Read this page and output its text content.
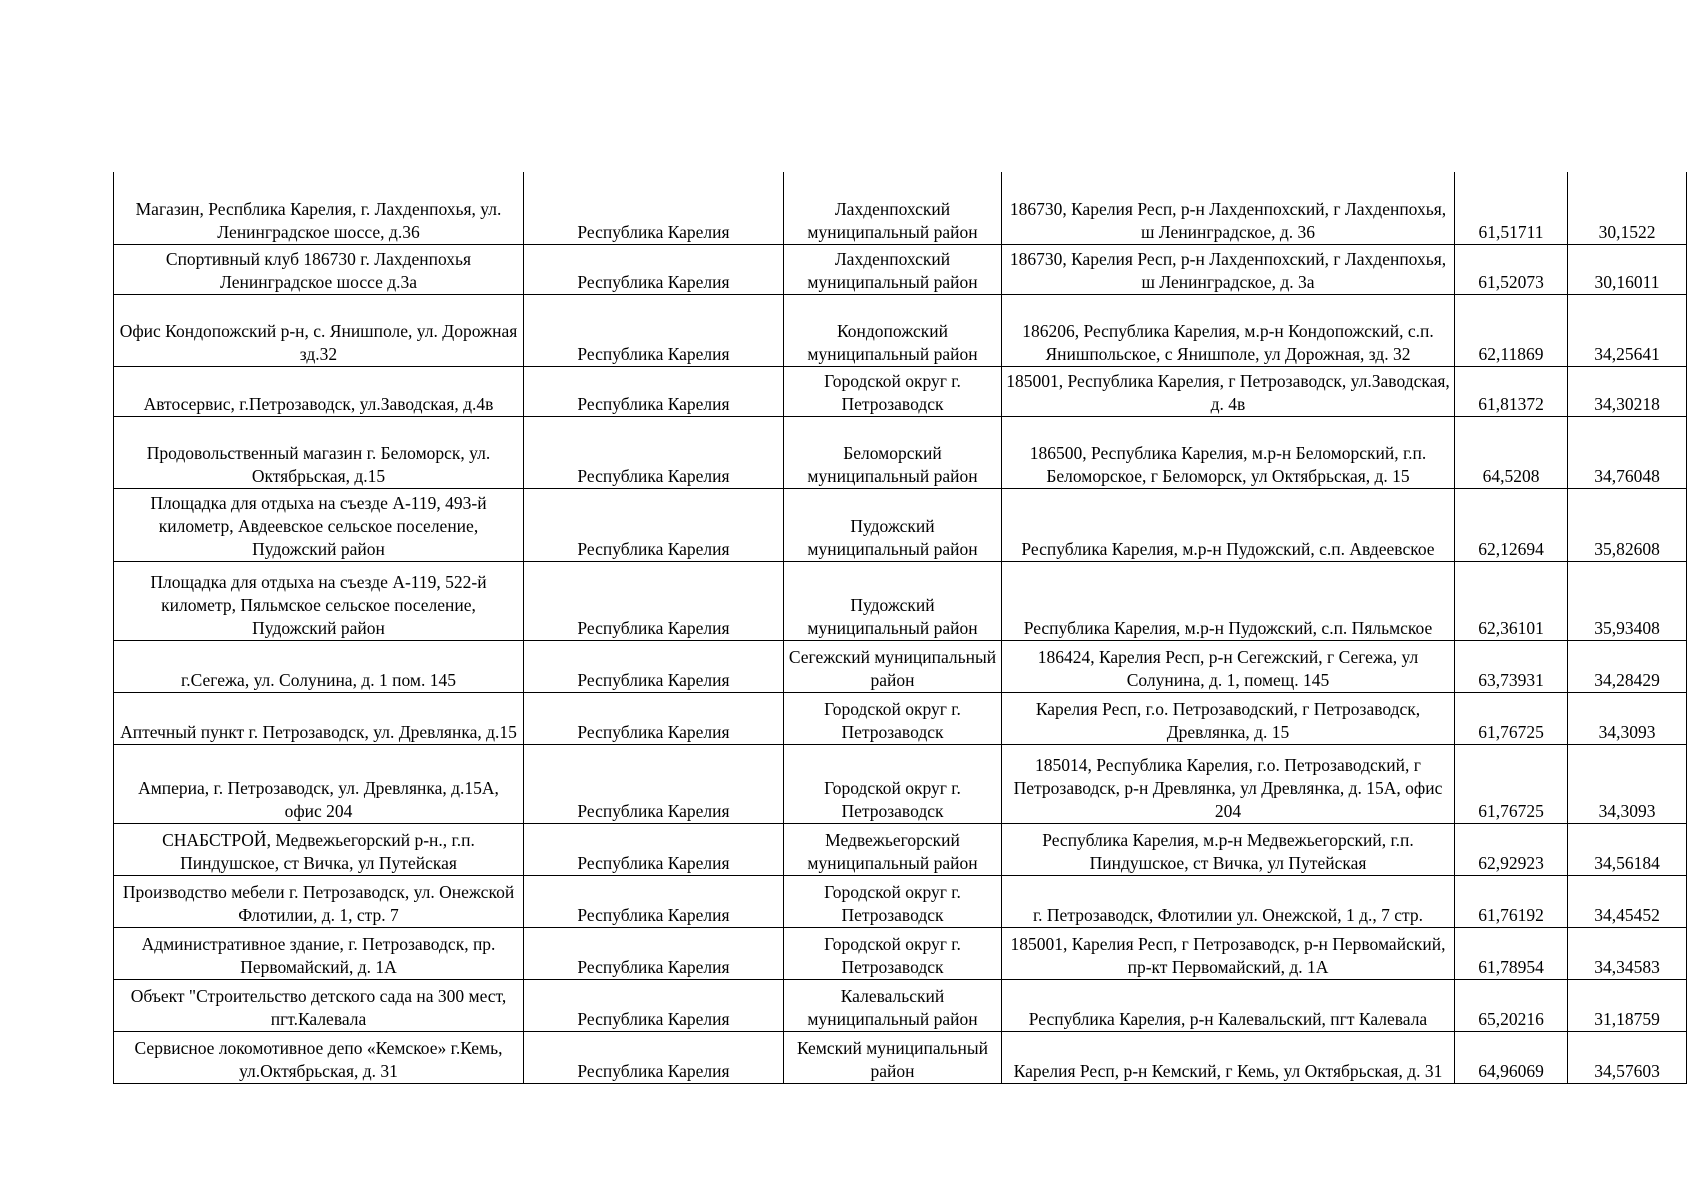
Магазин, Респблика Карелия, г. Лахденпохья, ул. Ленинградское шоссе, д.36	Республика Карелия	Лахденпохский муниципальный район	186730, Карелия Респ, р-н Лахденпохский, г Лахденпохья, ш Ленинградское, д. 36	61,51711	30,1522
Спортивный клуб 186730 г. Лахденпохья Ленинградское шоссе д.3а	Республика Карелия	Лахденпохский муниципальный район	186730, Карелия Респ, р-н Лахденпохский, г Лахденпохья, ш Ленинградское, д. 3а	61,52073	30,16011
Офис Кондопожский р-н, с. Янишполе, ул. Дорожная зд.32	Республика Карелия	Кондопожский муниципальный район	186206, Республика Карелия, м.р-н Кондопожский, с.п. Янишпольское, с Янишполе, ул Дорожная, зд. 32	62,11869	34,25641
Автосервис, г.Петрозаводск, ул.Заводская, д.4в	Республика Карелия	Городской округ г. Петрозаводск	185001, Республика Карелия, г Петрозаводск, ул.Заводская, д. 4в	61,81372	34,30218
Продовольственный магазин г. Беломорск, ул. Октябрьская, д.15	Республика Карелия	Беломорский муниципальный район	186500, Республика Карелия, м.р-н Беломорский, г.п. Беломорское, г Беломорск, ул Октябрьская, д. 15	64,5208	34,76048
Площадка для отдыха на съезде А-119, 493-й километр, Авдеевское сельское поселение, Пудожский район	Республика Карелия	Пудожский муниципальный район	Республика Карелия, м.р-н Пудожский, с.п. Авдеевское	62,12694	35,82608
Площадка для отдыха на съезде А-119, 522-й километр, Пяльмское сельское поселение, Пудожский район	Республика Карелия	Пудожский муниципальный район	Республика Карелия, м.р-н Пудожский, с.п. Пяльмское	62,36101	35,93408
г.Сегежа, ул. Солунина, д. 1 пом. 145	Республика Карелия	Сегежский муниципальный район	186424, Карелия Респ, р-н Сегежский, г Сегежа, ул Солунина, д. 1, помещ. 145	63,73931	34,28429
Аптечный пункт г. Петрозаводск, ул. Древлянка, д.15	Республика Карелия	Городской округ г. Петрозаводск	Карелия Респ, г.о. Петрозаводский, г Петрозаводск, Древлянка, д. 15	61,76725	34,3093
Ампериа, г. Петрозаводск, ул. Древлянка, д.15А, офис 204	Республика Карелия	Городской округ г. Петрозаводск	185014, Республика Карелия, г.о. Петрозаводский, г Петрозаводск, р-н Древлянка, ул Древлянка, д. 15А, офис 204	61,76725	34,3093
СНАБСТРОЙ, Медвежьегорский р-н., г.п. Пиндушское, ст Вичка, ул Путейская	Республика Карелия	Медвежьегорский муниципальный район	Республика Карелия, м.р-н Медвежьегорский, г.п. Пиндушское, ст Вичка, ул Путейская	62,92923	34,56184
Производство мебели г. Петрозаводск, ул. Онежской Флотилии, д. 1, стр. 7	Республика Карелия	Городской округ г. Петрозаводск	г. Петрозаводск, Флотилии ул. Онежской, 1 д., 7 стр.	61,76192	34,45452
Административное здание, г. Петрозаводск, пр. Первомайский, д. 1А	Республика Карелия	Городской округ г. Петрозаводск	185001, Карелия Респ, г Петрозаводск, р-н Первомайский, пр-кт Первомайский, д. 1А	61,78954	34,34583
Объект "Строительство детского сада на 300 мест, пгт.Калевала	Республика Карелия	Калевальский муниципальный район	Республика Карелия, р-н Калевальский, пгт Калевала	65,20216	31,18759
Сервисное локомотивное депо «Кемское» г.Кемь, ул.Октябрьская, д. 31	Республика Карелия	Кемский муниципальный район	Карелия Респ, р-н Кемский, г Кемь, ул Октябрьская, д. 31	64,96069	34,57603
